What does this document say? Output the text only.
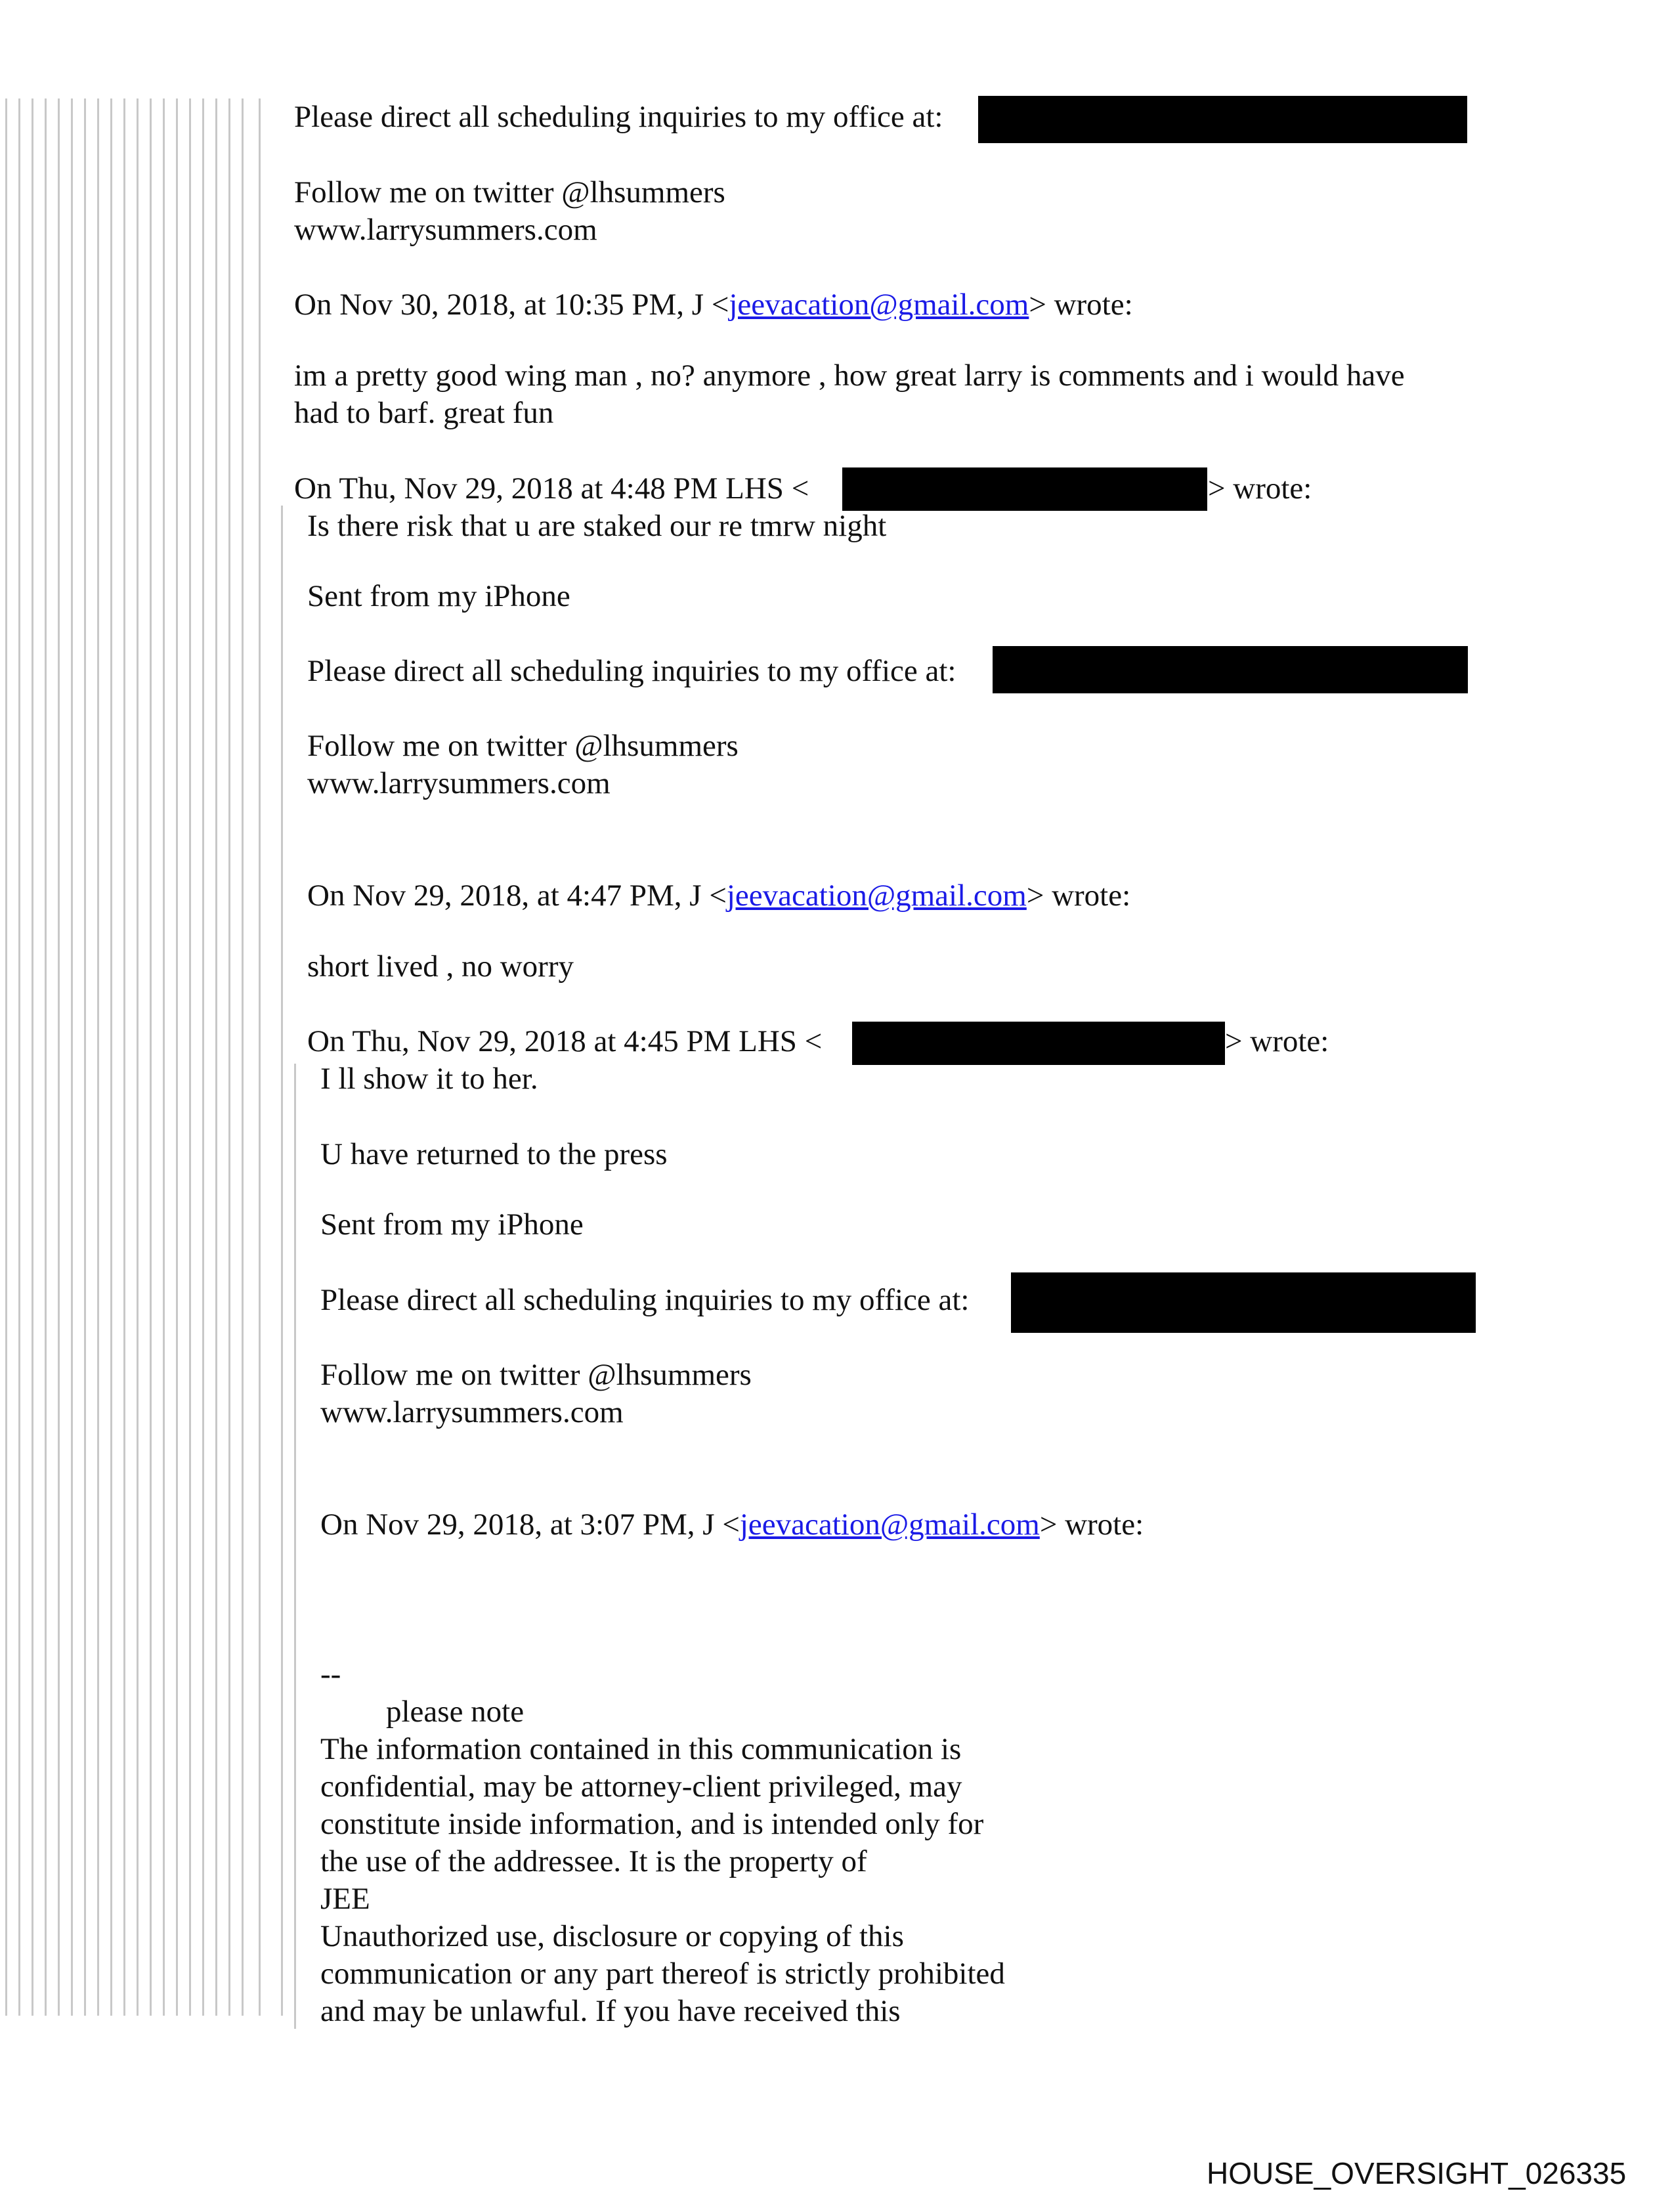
Please direct all scheduling inquiries to my office at:
Follow me on twitter @lhsummers
www.larrysummers.com
On Nov 30, 2018, at 10:35 PM, J <jeevacation@gmail.com> wrote:
im a pretty good wing man , no? anymore , how great larry is comments and i would have
had to barf. great fun
On Thu, Nov 29, 2018 at 4:48 PM LHS <	> wrote:
Is there risk that u are staked our re tmrw night
Sent from my iPhone
Please direct all scheduling inquiries to my office at:
Follow me on twitter @lhsummers
www.larrysummers.com
On Nov 29, 2018, at 4:47 PM, J <jeevacation@gmail.com> wrote:
short lived , no worry
On Thu, Nov 29, 2018 at 4:45 PM LHS <	> wrote:
I ll show it to her.
U have returned to the press
Sent from my iPhone
Please direct all scheduling inquiries to my office at:
Follow me on twitter @lhsummers
www.larrysummers.com
On Nov 29, 2018, at 3:07 PM, J <jeevacation@gmail.com> wrote:
--
please note
The information contained in this communication is
confidential, may be attorney-client privileged, may
constitute inside information, and is intended only for
the use of the addressee. It is the property of
JEE
Unauthorized use, disclosure or copying of this
communication or any part thereof is strictly prohibited
and may be unlawful. If you have received this
HOUSE_OVERSIGHT_026335
